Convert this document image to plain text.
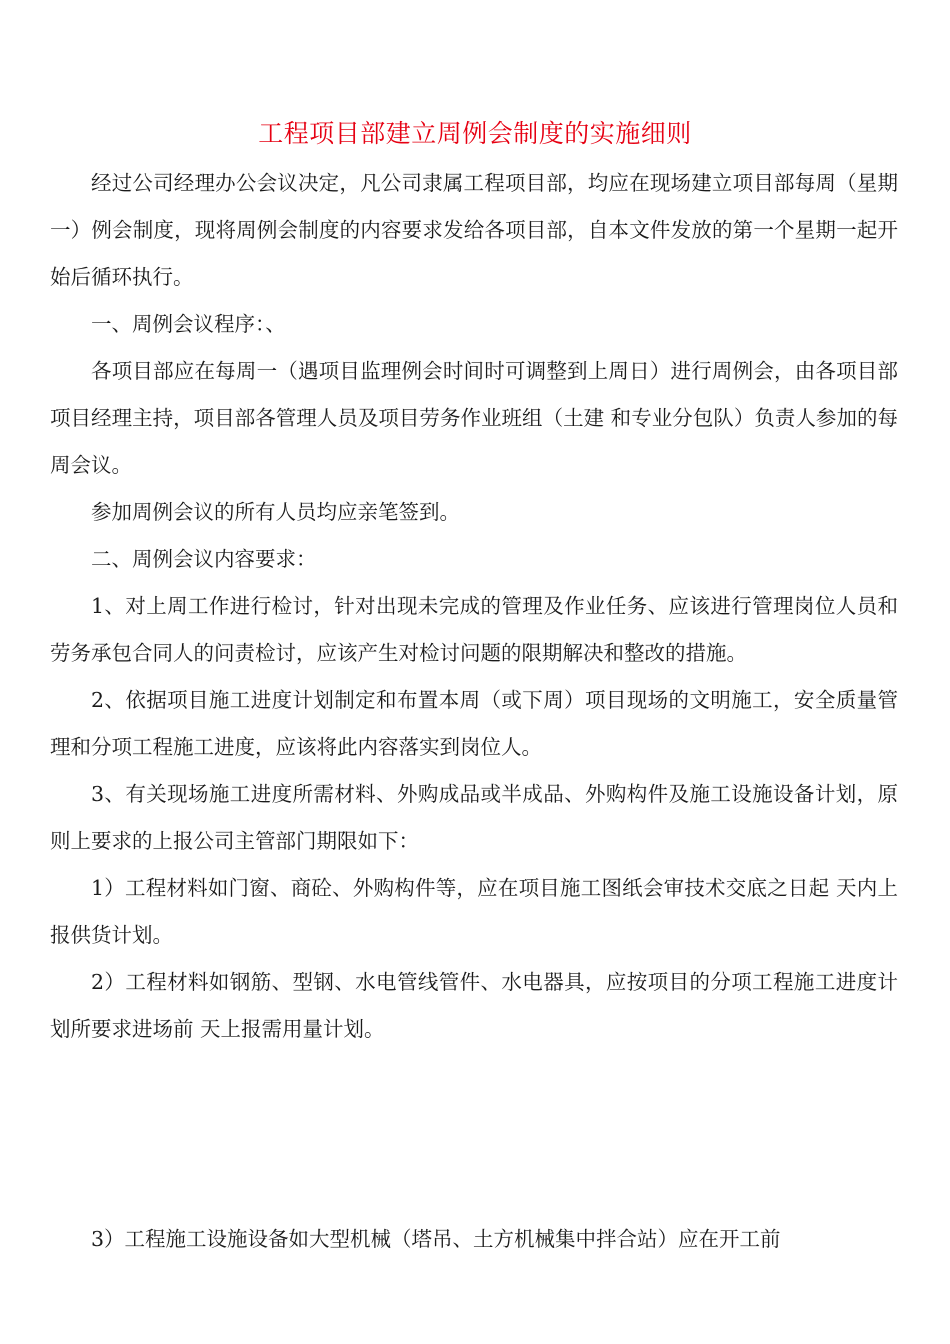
工程项目部建立周例会制度的实施细则

经过公司经理办公会议决定，凡公司隶属工程项目部，均应在现场建立项目部每周（星期一）例会制度，现将周例会制度的内容要求发给各项目部，自本文件发放的第一个星期一起开始后循环执行。

一、周例会议程序：、

各项目部应在每周一（遇项目监理例会时间时可调整到上周日）进行周例会，由各项目部项目经理主持，项目部各管理人员及项目劳务作业班组（土建 和专业分包队）负责人参加的每周会议。

参加周例会议的所有人员均应亲笔签到。

二、周例会议内容要求：

1、对上周工作进行检讨，针对出现未完成的管理及作业任务、应该进行管理岗位人员和劳务承包合同人的问责检讨，应该产生对检讨问题的限期解决和整改的措施。

2、依据项目施工进度计划制定和布置本周（或下周）项目现场的文明施工，安全质量管理和分项工程施工进度，应该将此内容落实到岗位人。

3、有关现场施工进度所需材料、外购成品或半成品、外购构件及施工设施设备计划，原则上要求的上报公司主管部门期限如下：

1）工程材料如门窗、商砼、外购构件等，应在项目施工图纸会审技术交底之日起 天内上报供货计划。

2）工程材料如钢筋、型钢、水电管线管件、水电器具，应按项目的分项工程施工进度计划所要求进场前 天上报需用量计划。

3）工程施工设施设备如大型机械（塔吊、土方机械集中拌合站）应在开工前
